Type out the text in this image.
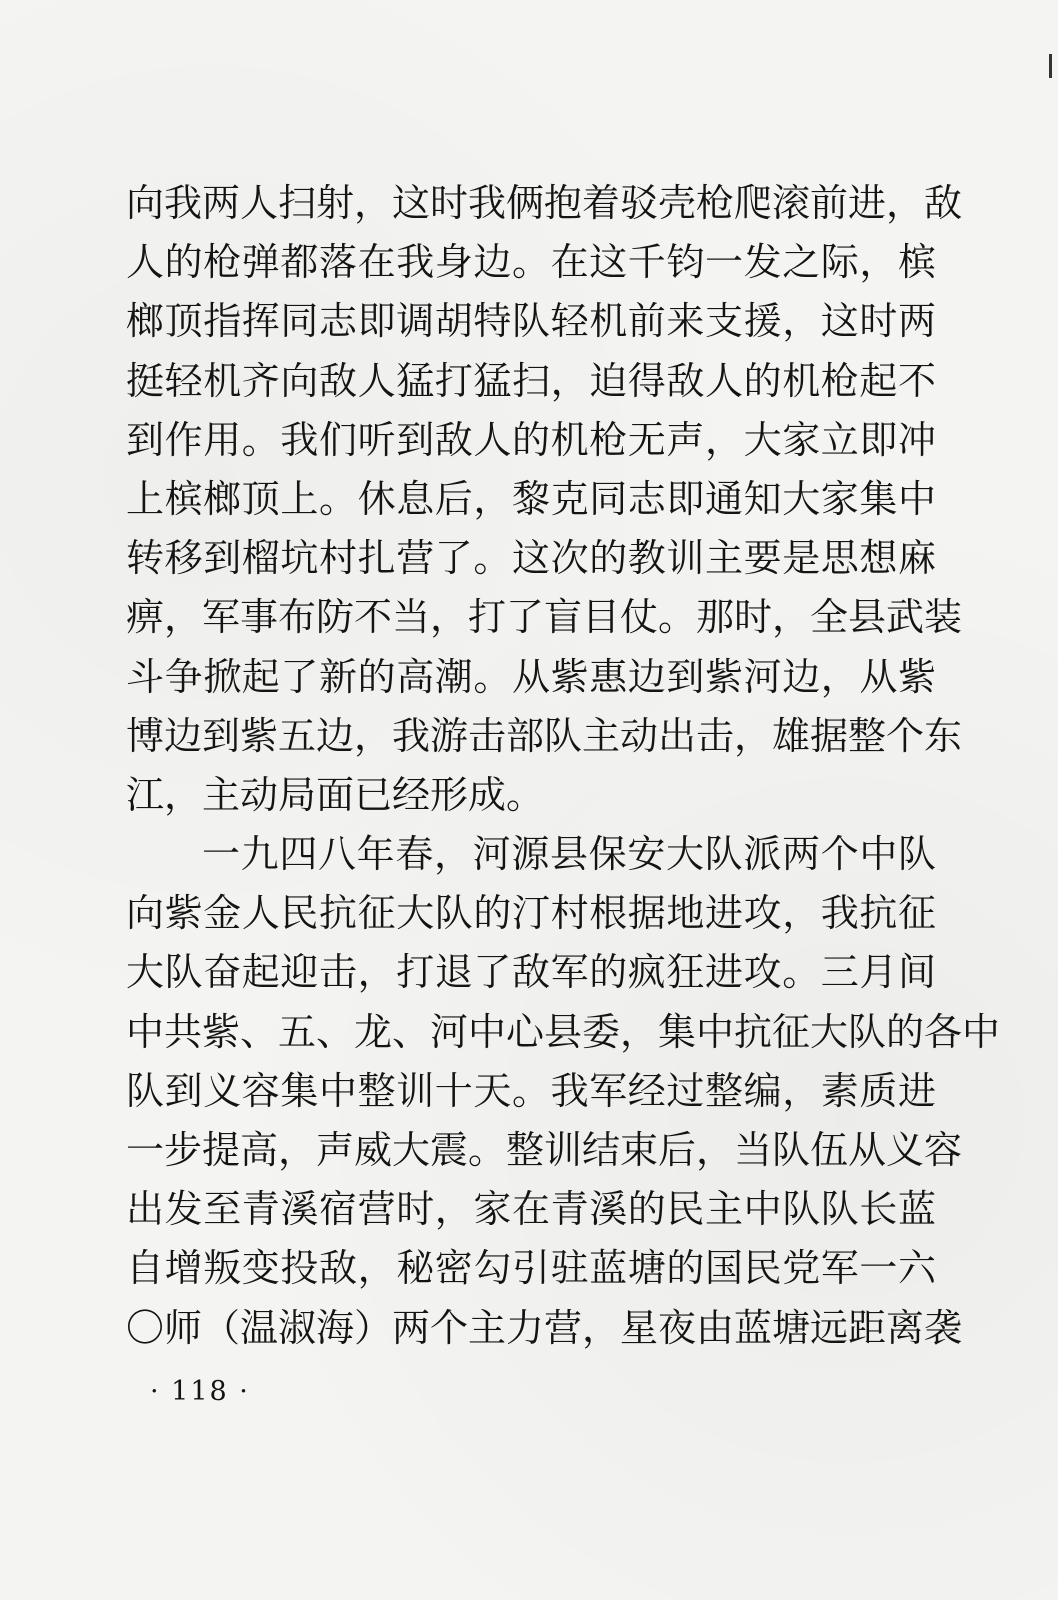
向我两人扫射，这时我俩抱着驳壳枪爬滚前进，敌
人的枪弹都落在我身边。在这千钧一发之际，槟
榔顶指挥同志即调胡特队轻机前来支援，这时两
挺轻机齐向敌人猛打猛扫，迫得敌人的机枪起不
到作用。我们听到敌人的机枪无声，大家立即冲
上槟榔顶上。休息后，黎克同志即通知大家集中
转移到榴坑村扎营了。这次的教训主要是思想麻
痹，军事布防不当，打了盲目仗。那时，全县武装
斗争掀起了新的高潮。从紫惠边到紫河边，从紫
博边到紫五边，我游击部队主动出击，雄据整个东
江，主动局面已经形成。
一九四八年春，河源县保安大队派两个中队
向紫金人民抗征大队的汀村根据地进攻，我抗征
大队奋起迎击，打退了敌军的疯狂进攻。三月间
中共紫、五、龙、河中心县委，集中抗征大队的各中
队到义容集中整训十天。我军经过整编，素质进
一步提高，声威大震。整训结束后，当队伍从义容
出发至青溪宿营时，家在青溪的民主中队队长蓝
自增叛变投敌，秘密勾引驻蓝塘的国民党军一六
〇师（温淑海）两个主力营，星夜由蓝塘远距离袭
· 118 ·
